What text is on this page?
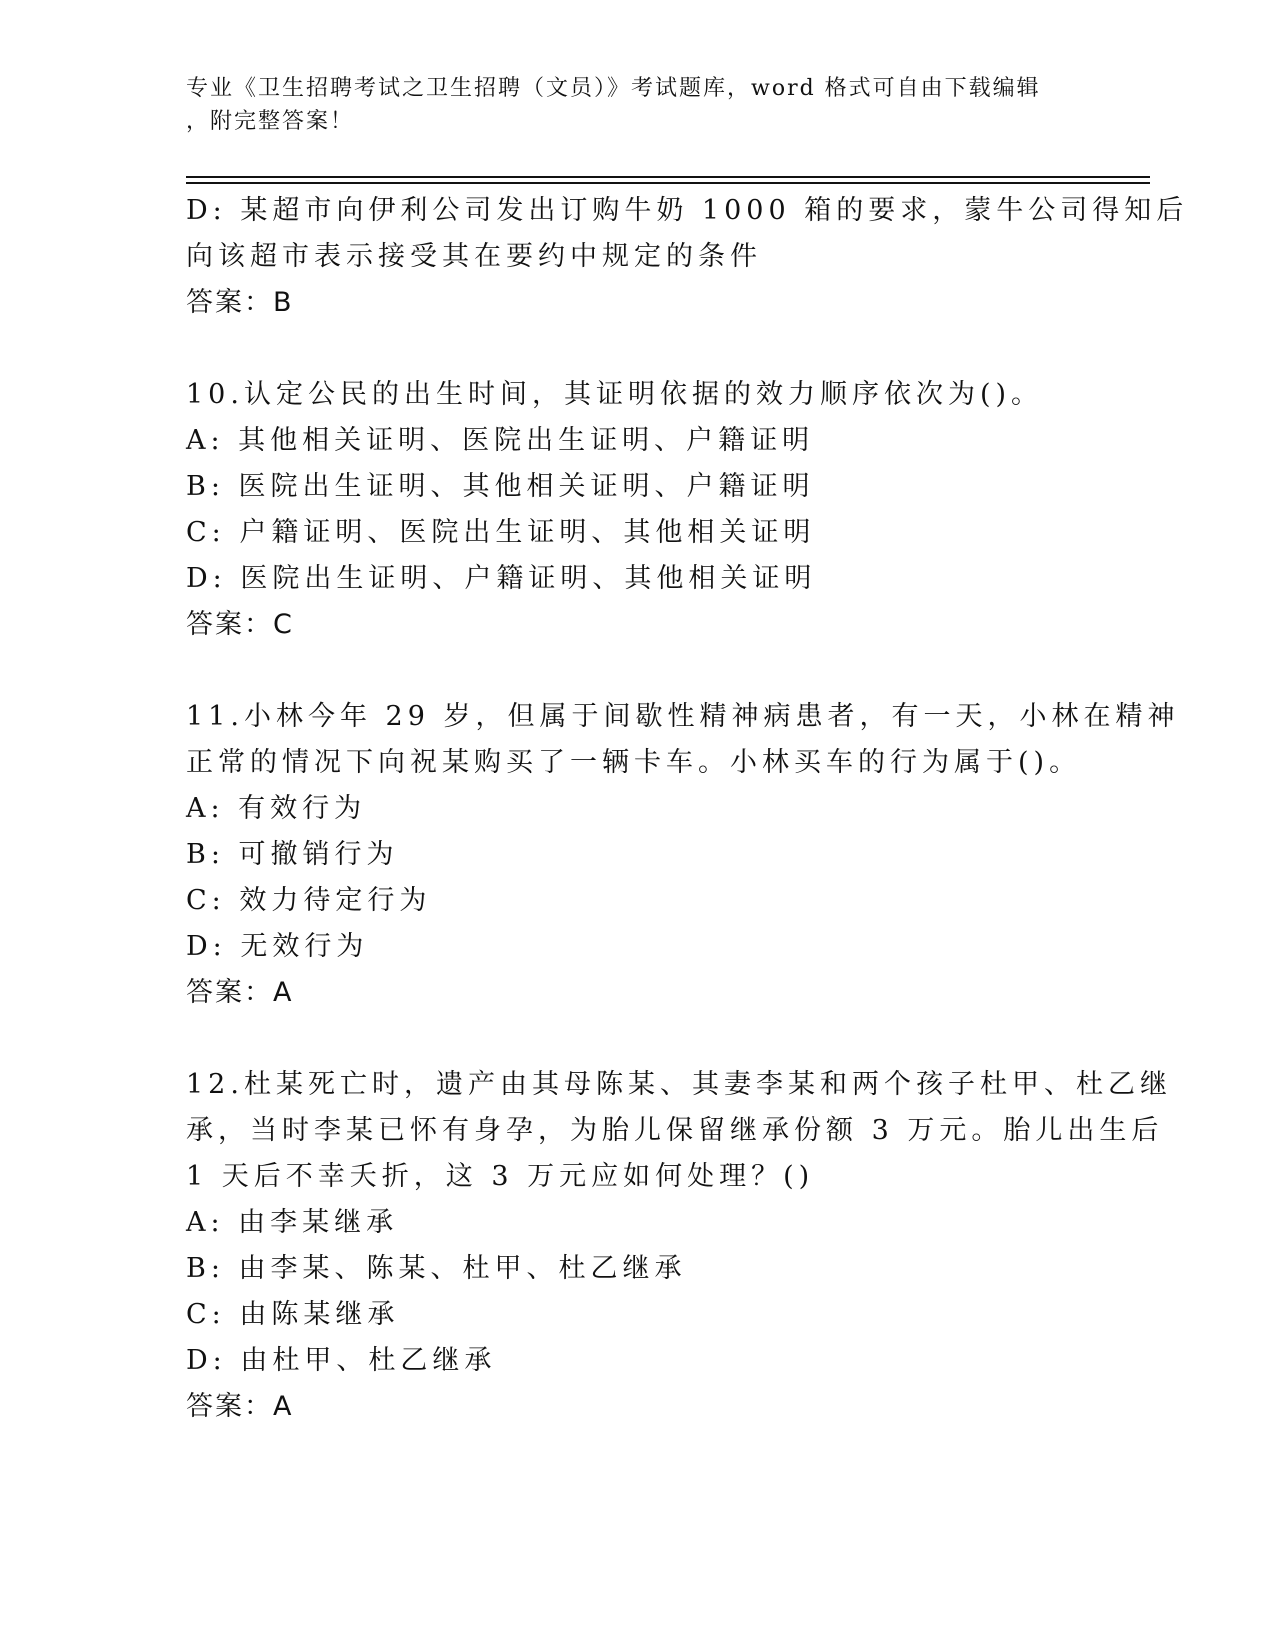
专业《卫生招聘考试之卫生招聘（文员）》考试题库，word 格式可自由下载编辑
，附完整答案！
D: 某超市向伊利公司发出订购牛奶 1000 箱的要求，蒙牛公司得知后
向该超市表示接受其在要约中规定的条件
答案：B
10.认定公民的出生时间，其证明依据的效力顺序依次为()。
A: 其他相关证明、医院出生证明、户籍证明
B: 医院出生证明、其他相关证明、户籍证明
C: 户籍证明、医院出生证明、其他相关证明
D: 医院出生证明、户籍证明、其他相关证明
答案：C
11.小林今年 29 岁，但属于间歇性精神病患者，有一天，小林在精神
正常的情况下向祝某购买了一辆卡车。小林买车的行为属于()。
A: 有效行为
B: 可撤销行为
C: 效力待定行为
D: 无效行为
答案：A
12.杜某死亡时，遗产由其母陈某、其妻李某和两个孩子杜甲、杜乙继
承，当时李某已怀有身孕，为胎儿保留继承份额 3 万元。胎儿出生后
1 天后不幸夭折，这 3 万元应如何处理？()
A: 由李某继承
B: 由李某、陈某、杜甲、杜乙继承
C: 由陈某继承
D: 由杜甲、杜乙继承
答案：A
